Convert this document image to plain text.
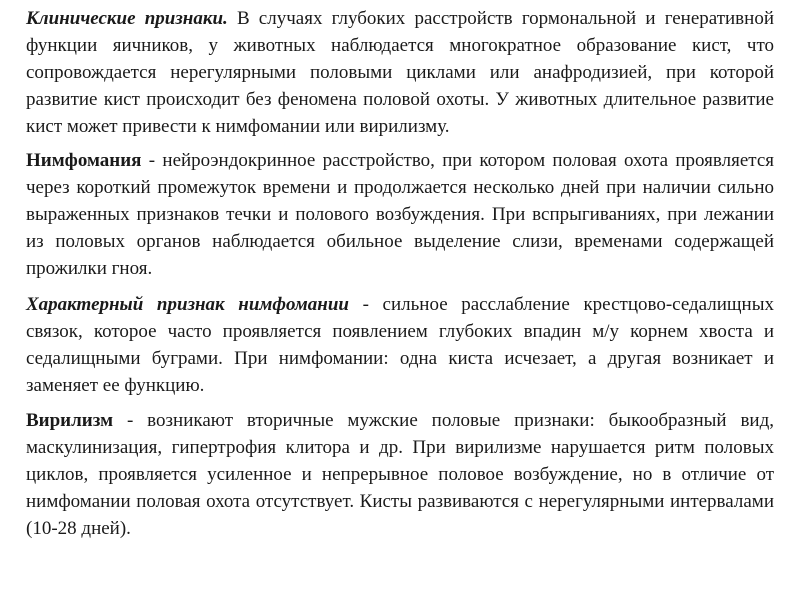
Клинические признаки. В случаях глубоких расстройств гормональной и генеративной функции яичников, у животных наблюдается многократное образование кист, что сопровождается нерегулярными половыми циклами или анафродизией, при которой развитие кист происходит без феномена половой охоты. У животных длительное развитие кист может привести к нимфомании или вирилизму.

Нимфомания - нейроэндокринное расстройство, при котором половая охота проявляется через короткий промежуток времени и продолжается несколько дней при наличии сильно выраженных признаков течки и полового возбуждения. При вспрыгиваниях, при лежании из половых органов наблюдается обильное выделение слизи, временами содержащей прожилки гноя.

Характерный признак нимфомании - сильное расслабление крестцово-седалищных связок, которое часто проявляется появлением глубоких впадин м/у корнем хвоста и седалищными буграми. При нимфомании: одна киста исчезает, а другая возникает и заменяет ее функцию.

Вирилизм - возникают вторичные мужские половые признаки: быкообразный вид, маскулинизация, гипертрофия клитора и др. При вирилизме нарушается ритм половых циклов, проявляется усиленное и непрерывное половое возбуждение, но в отличие от нимфомании половая охота отсутствует. Кисты развиваются с нерегулярными интервалами (10-28 дней).
